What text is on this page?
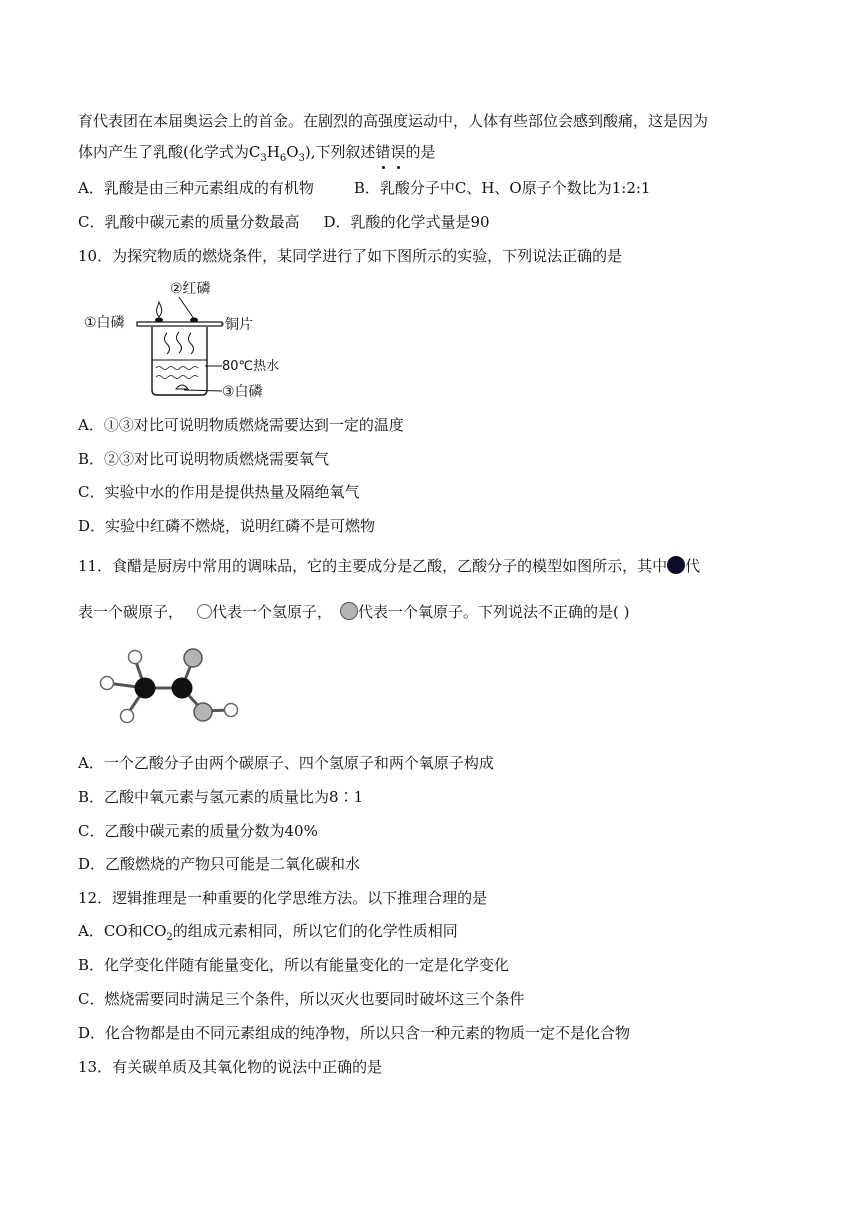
育代表团在本届奥运会上的首金。在剧烈的高强度运动中，人体有些部位会感到酸痛，这是因为
体内产生了乳酸(化学式为$C_3H_6O_3$),下列叙述错误的是
A．乳酸是由三种元素组成的有机物	B．乳酸分子中C、H、O原子个数比为1:2:1
C．乳酸中碳元素的质量分数最高 D．乳酸的化学式量是90
10．为探究物质的燃烧条件，某同学进行了如下图所示的实验，下列说法正确的是
②红磷
①白磷	铜片
80℃热水
③白磷
A．①③对比可说明物质燃烧需要达到一定的温度
B．②③对比可说明物质燃烧需要氧气
C．实验中水的作用是提供热量及隔绝氧气
D．实验中红磷不燃烧，说明红磷不是可燃物
11．食醋是厨房中常用的调味品，它的主要成分是乙酸，乙酸分子的模型如图所示，其中 代
表一个碳原子， 代表一个氢原子， 代表一个氧原子。下列说法不正确的是( )
A．一个乙酸分子由两个碳原子、四个氢原子和两个氧原子构成
B．乙酸中氧元素与氢元素的质量比为8∶1
C．乙酸中碳元素的质量分数为40%
D．乙酸燃烧的产物只可能是二氧化碳和水
12．逻辑推理是一种重要的化学思维方法。以下推理合理的是
A．CO和$CO_2$的组成元素相同，所以它们的化学性质相同
B．化学变化伴随有能量变化，所以有能量变化的一定是化学变化
C．燃烧需要同时满足三个条件，所以灭火也要同时破坏这三个条件
D．化合物都是由不同元素组成的纯净物，所以只含一种元素的物质一定不是化合物
13．有关碳单质及其氧化物的说法中正确的是
